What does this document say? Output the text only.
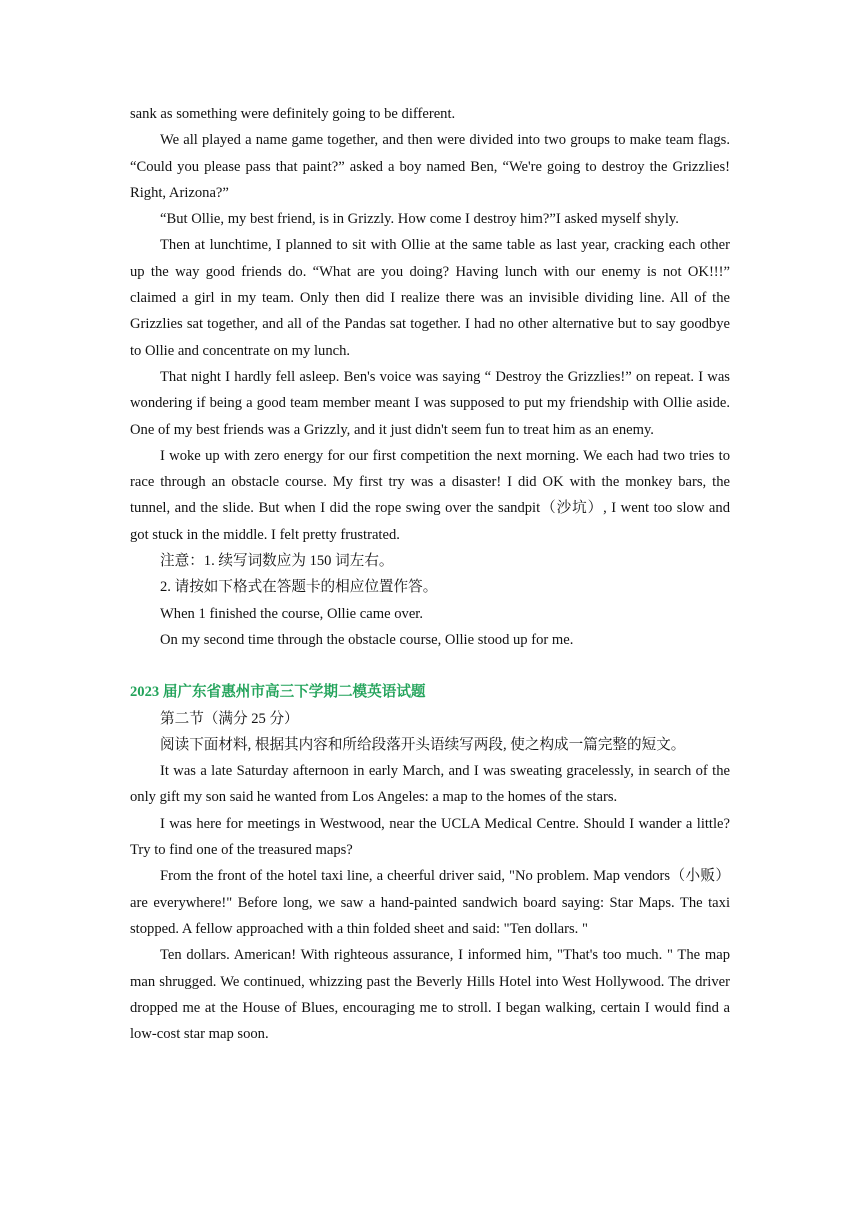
sank as something were definitely going to be different.

We all played a name game together, and then were divided into two groups to make team flags. “Could you please pass that paint?” asked a boy named Ben, “We're going to destroy the Grizzlies! Right, Arizona?”

“But Ollie, my best friend, is in Grizzly. How come I destroy him?”I asked myself shyly.

Then at lunchtime, I planned to sit with Ollie at the same table as last year, cracking each other up the way good friends do. “What are you doing? Having lunch with our enemy is not OK!!!” claimed a girl in my team. Only then did I realize there was an invisible dividing line. All of the Grizzlies sat together, and all of the Pandas sat together. I had no other alternative but to say goodbye to Ollie and concentrate on my lunch.

That night I hardly fell asleep. Ben's voice was saying “ Destroy the Grizzlies!” on repeat. I was wondering if being a good team member meant I was supposed to put my friendship with Ollie aside. One of my best friends was a Grizzly, and it just didn't seem fun to treat him as an enemy.

I woke up with zero energy for our first competition the next morning. We each had two tries to race through an obstacle course. My first try was a disaster! I did OK with the monkey bars, the tunnel, and the slide. But when I did the rope swing over the sandpit（沙坑）, I went too slow and got stuck in the middle. I felt pretty frustrated.

注意：1. 续写词数应为 150 词左右。

2. 请按如下格式在答题卡的相应位置作答。

When 1 finished the course, Ollie came over.

On my second time through the obstacle course, Ollie stood up for me.

2023 届广东省惠州市高三下学期二模英语试题

第二节（满分 25 分）

阅读下面材料, 根据其内容和所给段落开头语续写两段, 使之构成一篇完整的短文。

It was a late Saturday afternoon in early March, and I was sweating gracelessly, in search of the only gift my son said he wanted from Los Angeles: a map to the homes of the stars.

I was here for meetings in Westwood, near the UCLA Medical Centre. Should I wander a little? Try to find one of the treasured maps?

From the front of the hotel taxi line, a cheerful driver said, "No problem. Map vendors（小贩）are everywhere!" Before long, we saw a hand-painted sandwich board saying: Star Maps. The taxi stopped. A fellow approached with a thin folded sheet and said: "Ten dollars. "

Ten dollars. American! With righteous assurance, I informed him, "That's too much. " The map man shrugged. We continued, whizzing past the Beverly Hills Hotel into West Hollywood. The driver dropped me at the House of Blues, encouraging me to stroll. I began walking, certain I would find a low-cost star map soon.
